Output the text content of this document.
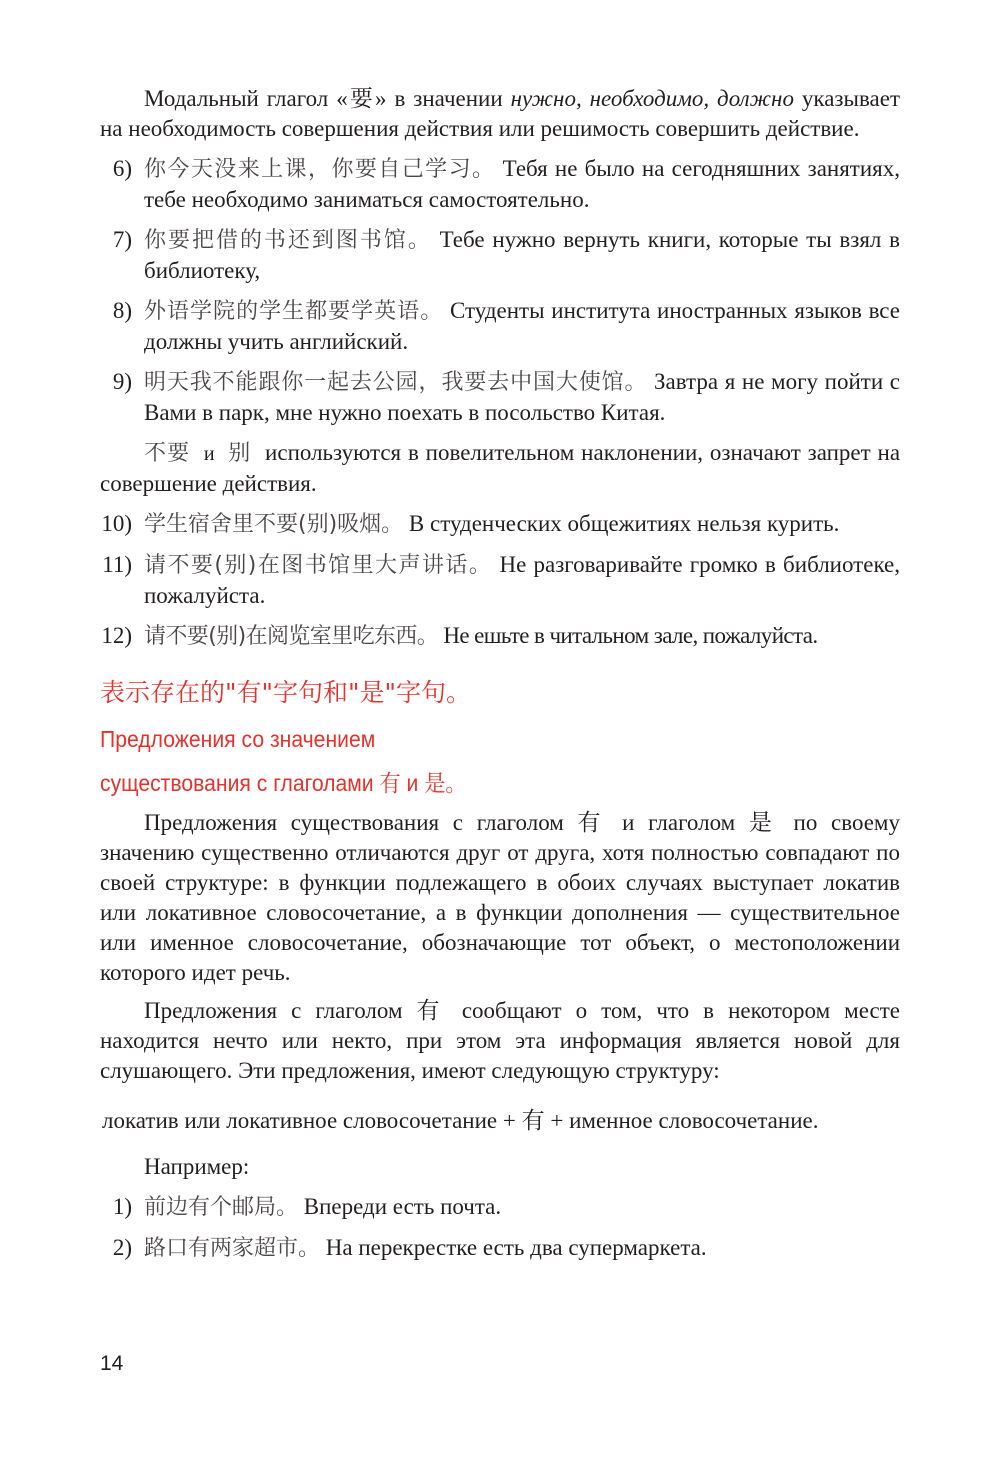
Модальный глагол «要» в значении нужно, необходимо, должно указывает на необходимость совершения действия или решимость совершить действие.

6) 你今天没来上课，你要自己学习。 Тебя не было на сегодняшних занятиях, тебе необходимо заниматься самостоятельно.
7) 你要把借的书还到图书馆。 Тебе нужно вернуть книги, которые ты взял в библиотеку,
8) 外语学院的学生都要学英语。 Студенты института иностранных языков все должны учить английский.
9) 明天我不能跟你一起去公园，我要去中国大使馆。 Завтра я не могу пойти с Вами в парк, мне нужно поехать в посольство Китая.

不要 и 别 используются в повелительном наклонении, означают запрет на совершение действия.

10) 学生宿舍里不要(别)吸烟。 В студенческих общежитиях нельзя курить.
11) 请不要(别)在图书馆里大声讲话。 Не разговаривайте громко в библиотеке, пожалуйста.
12) 请不要(别)在阅览室里吃东西。 Не ешьте в читальном зале, пожалуйста.

表示存在的"有"字句和"是"字句。

Предложения со значением

существования с глаголами 有 и 是。

Предложения существования с глаголом 有 и глаголом 是 по своему значению существенно отличаются друг от друга, хотя полностью совпадают по своей структуре: в функции подлежащего в обоих случаях выступает локатив или локативное словосочетание, а в функции дополнения — существительное или именное словосочетание, обозначающие тот объект, о местоположении которого идет речь.

Предложения с глаголом 有 сообщают о том, что в некотором месте находится нечто или некто, при этом эта информация является новой для слушающего. Эти предложения, имеют следующую структуру:

локатив или локативное словосочетание + 有 + именное словосочетание.

Например:

1) 前边有个邮局。 Впереди есть почта.
2) 路口有两家超市。 На перекрестке есть два супермаркета.
14
